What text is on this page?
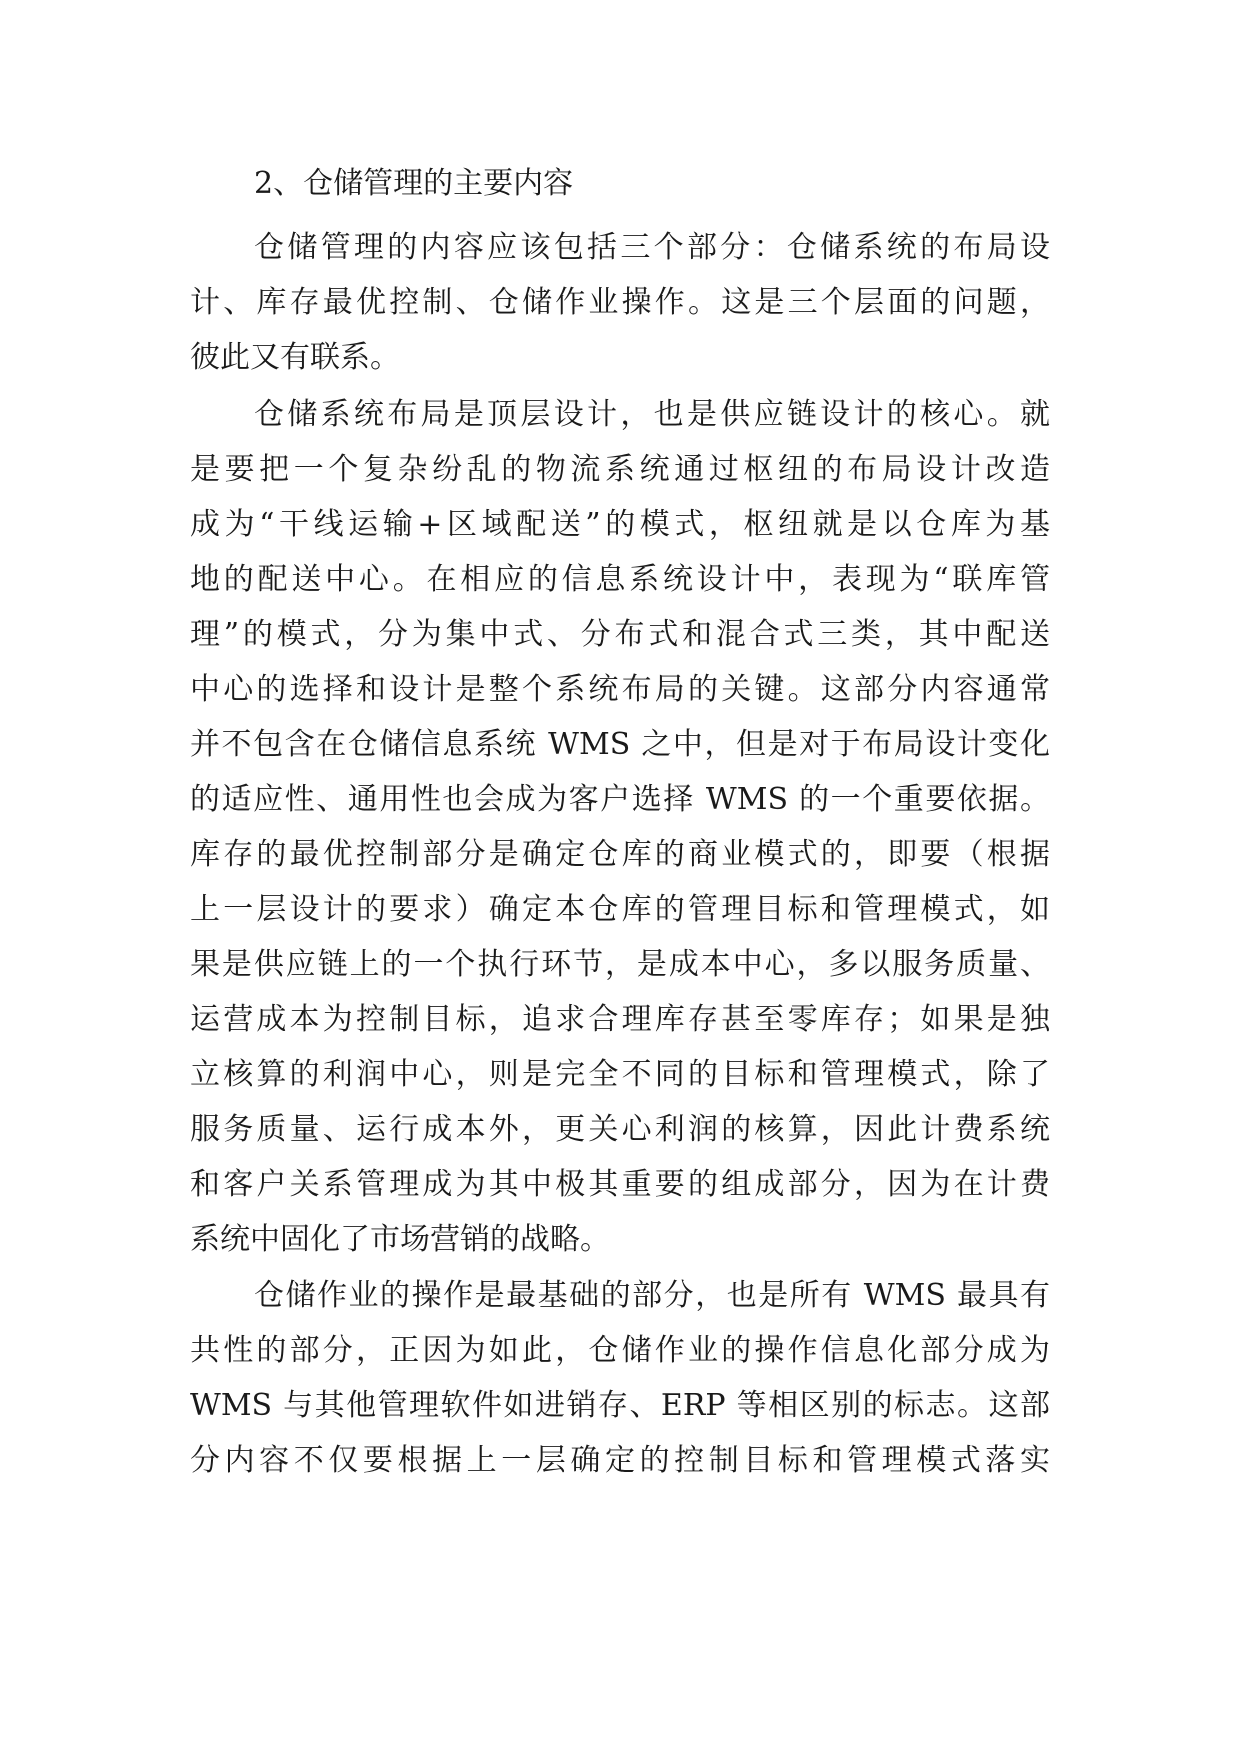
2、仓储管理的主要内容
仓储管理的内容应该包括三个部分：仓储系统的布局设
计、库存最优控制、仓储作业操作。这是三个层面的问题，
彼此又有联系。
仓储系统布局是顶层设计，也是供应链设计的核心。就
是要把一个复杂纷乱的物流系统通过枢纽的布局设计改造
成为“干线运输+区域配送”的模式，枢纽就是以仓库为基
地的配送中心。在相应的信息系统设计中，表现为“联库管
理”的模式，分为集中式、分布式和混合式三类，其中配送
中心的选择和设计是整个系统布局的关键。这部分内容通常
并不包含在仓储信息系统 WMS 之中，但是对于布局设计变化
的适应性、通用性也会成为客户选择 WMS 的一个重要依据。
库存的最优控制部分是确定仓库的商业模式的，即要（根据
上一层设计的要求）确定本仓库的管理目标和管理模式，如
果是供应链上的一个执行环节，是成本中心，多以服务质量、
运营成本为控制目标，追求合理库存甚至零库存；如果是独
立核算的利润中心，则是完全不同的目标和管理模式，除了
服务质量、运行成本外，更关心利润的核算，因此计费系统
和客户关系管理成为其中极其重要的组成部分，因为在计费
系统中固化了市场营销的战略。
仓储作业的操作是最基础的部分，也是所有 WMS 最具有
共性的部分，正因为如此，仓储作业的操作信息化部分成为
WMS 与其他管理软件如进销存、ERP 等相区别的标志。这部
分内容不仅要根据上一层确定的控制目标和管理模式落实
